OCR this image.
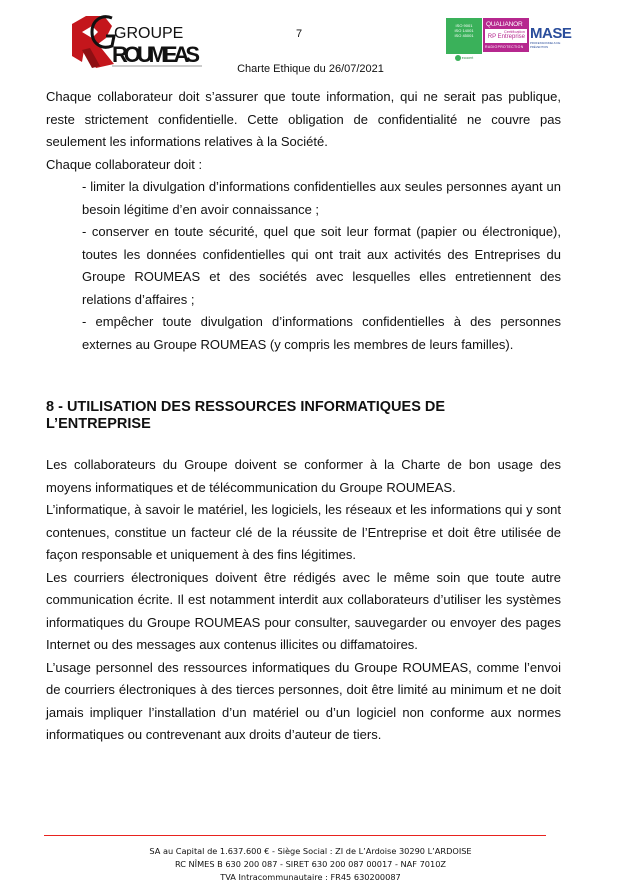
GROUPE
ROUMEAS
7
Charte Ethique du 26/07/2021
ISO 9001
ISO 14001
ISO 45001
ecocert
QUALIANOR
Certification
RP Entreprise
RADIOPROTECTION
MASE
PROFESSIONNELS DE PRÉVENTION

Chaque collaborateur doit s’assurer que toute information, qui ne serait pas publique, reste strictement confidentielle. Cette obligation de confidentialité ne couvre pas seulement les informations relatives à la Société.

Chaque collaborateur doit :

- limiter la divulgation d’informations confidentielles aux seules personnes ayant un besoin légitime d’en avoir connaissance ;

- conserver en toute sécurité, quel que soit leur format (papier ou électronique), toutes les données confidentielles qui ont trait aux activités des Entreprises du Groupe ROUMEAS et des sociétés avec lesquelles elles entretiennent des relations d’affaires ;

- empêcher toute divulgation d’informations confidentielles à des personnes externes au Groupe ROUMEAS (y compris les membres de leurs familles).

8 - UTILISATION DES RESSOURCES INFORMATIQUES DE
L’ENTREPRISE

Les collaborateurs du Groupe doivent se conformer à la Charte de bon usage des moyens informatiques et de télécommunication du Groupe ROUMEAS.

L’informatique, à savoir le matériel, les logiciels, les réseaux et les informations qui y sont contenues, constitue un facteur clé de la réussite de l’Entreprise et doit être utilisée de façon responsable et uniquement à des fins légitimes.

Les courriers électroniques doivent être rédigés avec le même soin que toute autre communication écrite. Il est notamment interdit aux collaborateurs d’utiliser les systèmes informatiques du Groupe ROUMEAS pour consulter, sauvegarder ou envoyer des pages Internet ou des messages aux contenus illicites ou diffamatoires.

L’usage personnel des ressources informatiques du Groupe ROUMEAS, comme l’envoi de courriers électroniques à des tierces personnes, doit être limité au minimum et ne doit jamais impliquer l’installation d’un matériel ou d’un logiciel non conforme aux normes informatiques ou contrevenant aux droits d’auteur de tiers.

SA au Capital de 1.637.600 € - Siège Social : ZI de L’Ardoise 30290 L’ARDOISE
RC NÎMES B 630 200 087 - SIRET 630 200 087 00017 - NAF 7010Z
TVA Intracommunautaire : FR45 630200087
